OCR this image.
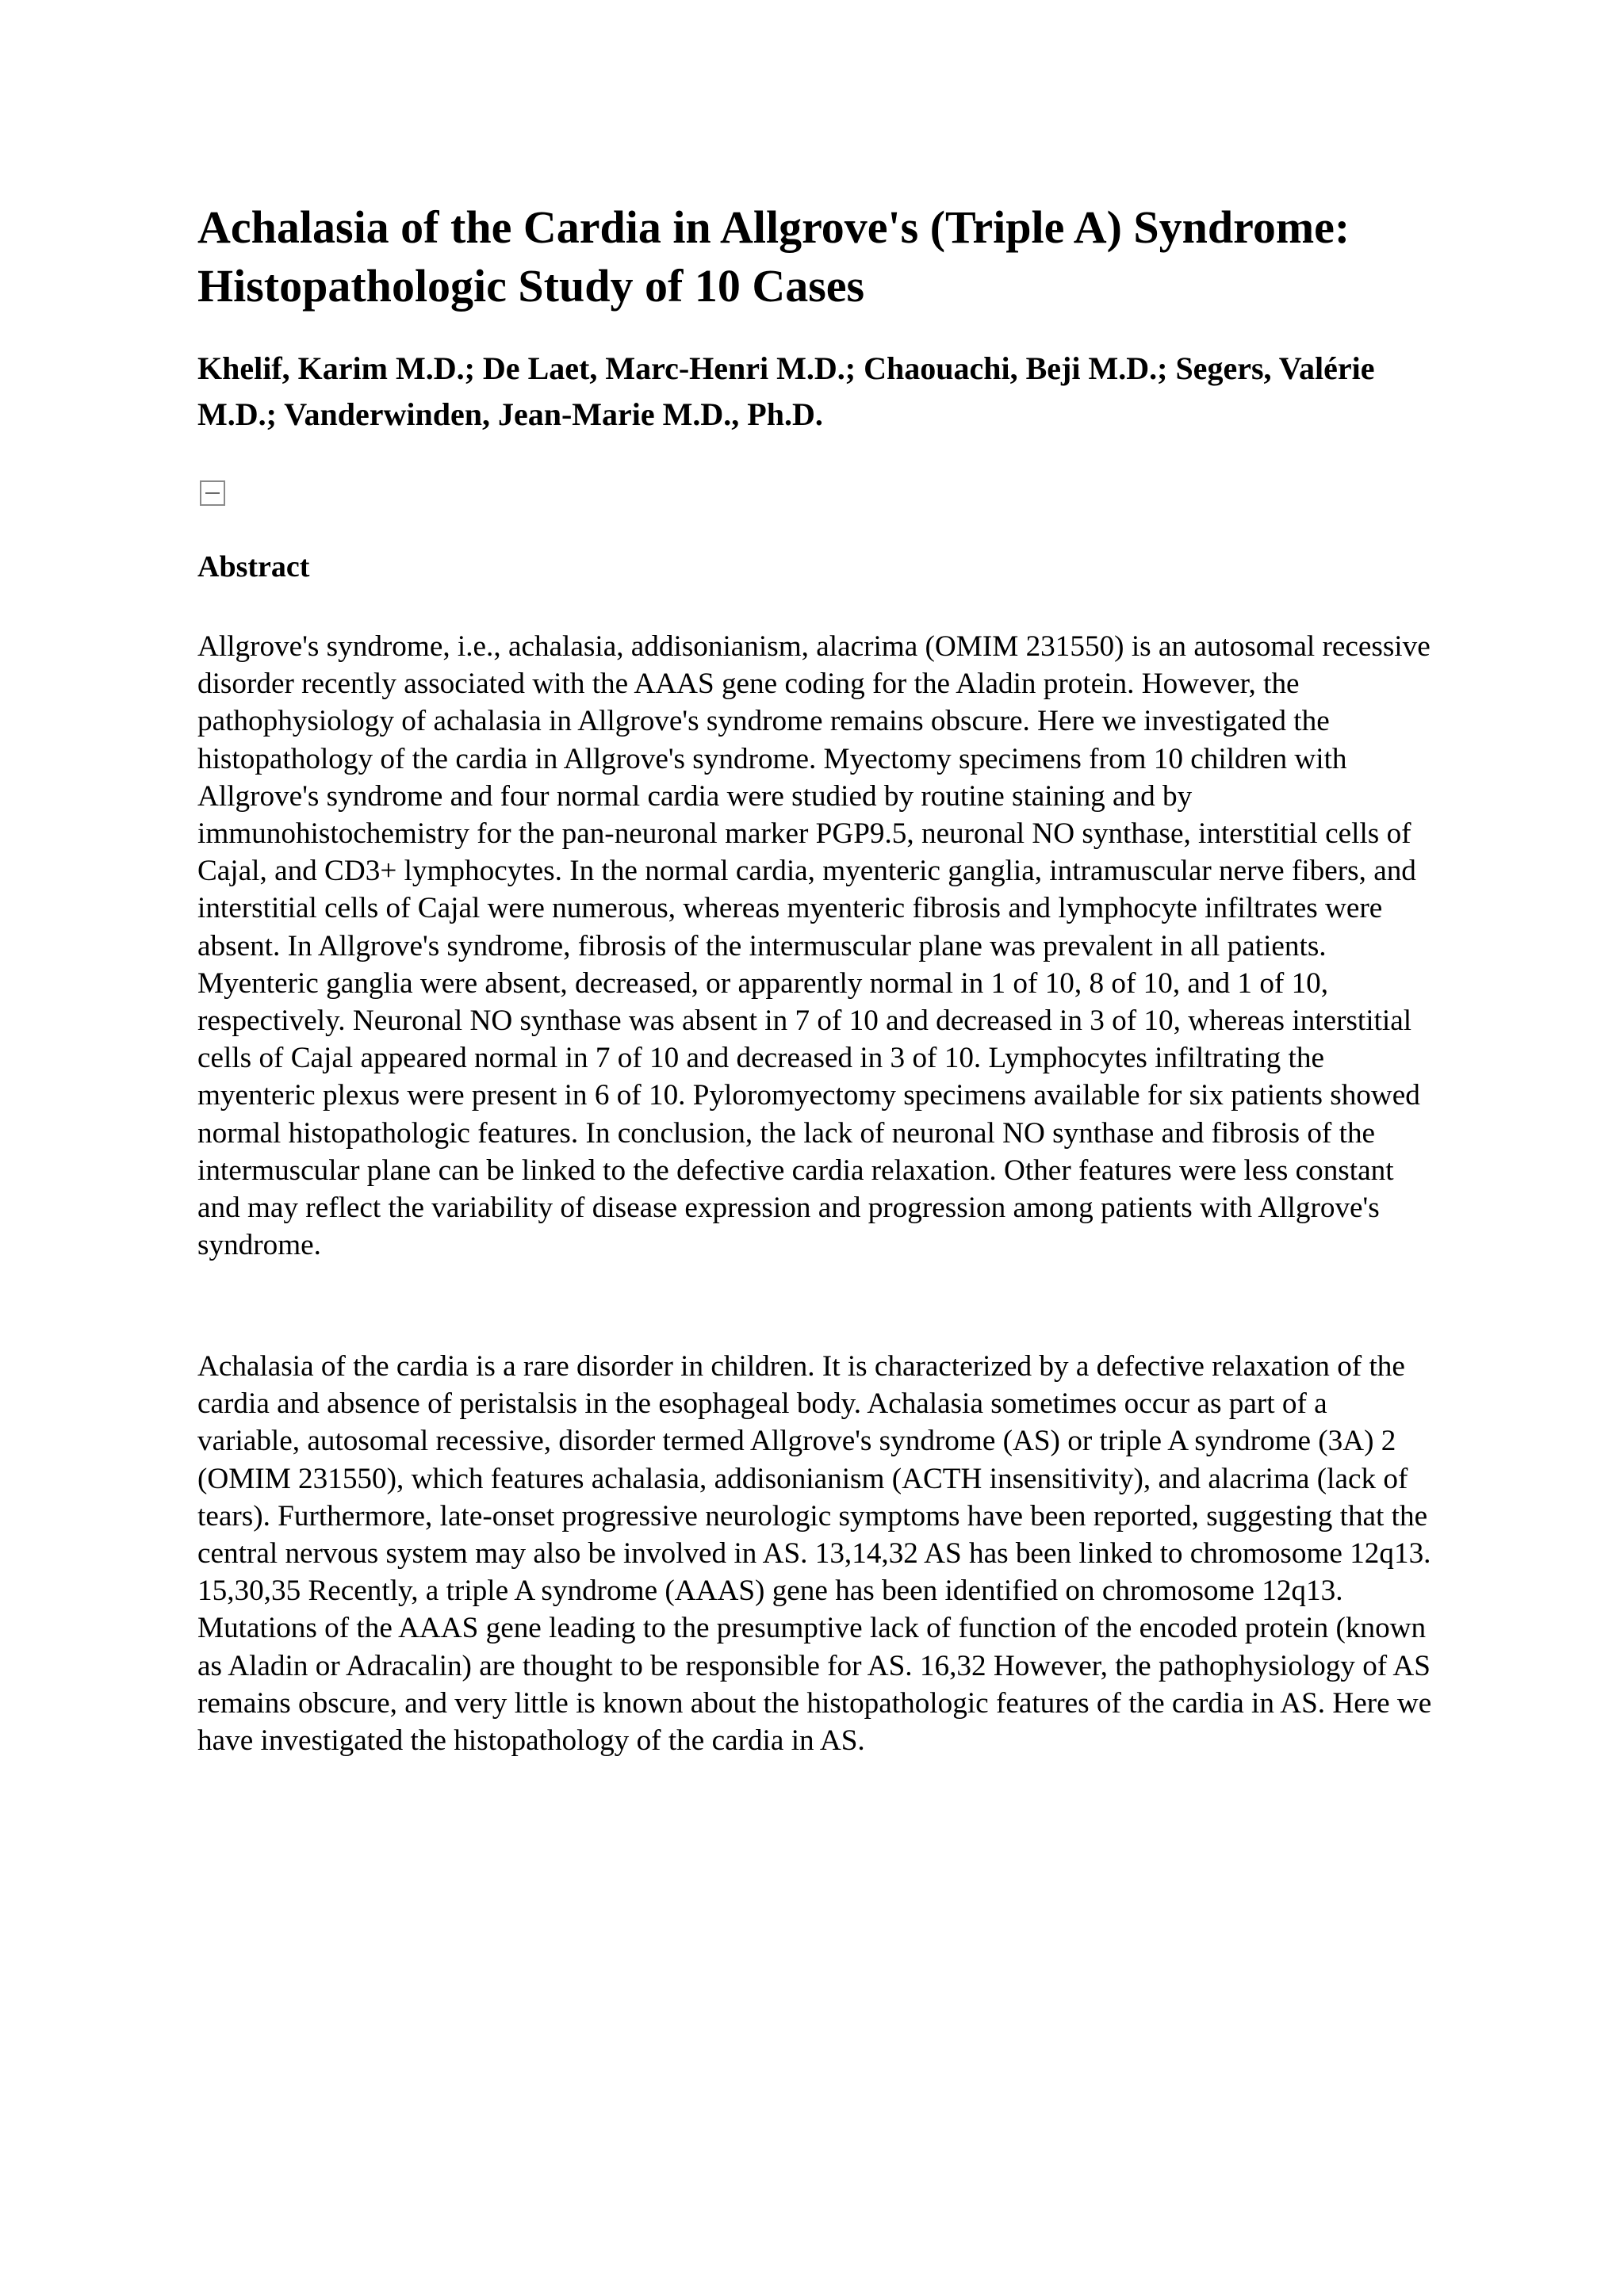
Achalasia of the Cardia in Allgrove's (Triple A) Syndrome: Histopathologic Study of 10 Cases

Khelif, Karim M.D.; De Laet, Marc-Henri M.D.; Chaouachi, Beji M.D.; Segers, Valérie M.D.; Vanderwinden, Jean-Marie M.D., Ph.D.

Abstract

Allgrove's syndrome, i.e., achalasia, addisonianism, alacrima (OMIM 231550) is an autosomal recessive disorder recently associated with the AAAS gene coding for the Aladin protein. However, the pathophysiology of achalasia in Allgrove's syndrome remains obscure. Here we investigated the histopathology of the cardia in Allgrove's syndrome. Myectomy specimens from 10 children with Allgrove's syndrome and four normal cardia were studied by routine staining and by immunohistochemistry for the pan-neuronal marker PGP9.5, neuronal NO synthase, interstitial cells of Cajal, and CD3+ lymphocytes. In the normal cardia, myenteric ganglia, intramuscular nerve fibers, and interstitial cells of Cajal were numerous, whereas myenteric fibrosis and lymphocyte infiltrates were absent. In Allgrove's syndrome, fibrosis of the intermuscular plane was prevalent in all patients. Myenteric ganglia were absent, decreased, or apparently normal in 1 of 10, 8 of 10, and 1 of 10, respectively. Neuronal NO synthase was absent in 7 of 10 and decreased in 3 of 10, whereas interstitial cells of Cajal appeared normal in 7 of 10 and decreased in 3 of 10. Lymphocytes infiltrating the myenteric plexus were present in 6 of 10. Pyloromyectomy specimens available for six patients showed normal histopathologic features. In conclusion, the lack of neuronal NO synthase and fibrosis of the intermuscular plane can be linked to the defective cardia relaxation. Other features were less constant and may reflect the variability of disease expression and progression among patients with Allgrove's syndrome.

Achalasia of the cardia is a rare disorder in children. It is characterized by a defective relaxation of the cardia and absence of peristalsis in the esophageal body. Achalasia sometimes occur as part of a variable, autosomal recessive, disorder termed Allgrove's syndrome (AS) or triple A syndrome (3A) 2 (OMIM 231550), which features achalasia, addisonianism (ACTH insensitivity), and alacrima (lack of tears). Furthermore, late-onset progressive neurologic symptoms have been reported, suggesting that the central nervous system may also be involved in AS. 13,14,32 AS has been linked to chromosome 12q13. 15,30,35 Recently, a triple A syndrome (AAAS) gene has been identified on chromosome 12q13. Mutations of the AAAS gene leading to the presumptive lack of function of the encoded protein (known as Aladin or Adracalin) are thought to be responsible for AS. 16,32 However, the pathophysiology of AS remains obscure, and very little is known about the histopathologic features of the cardia in AS. Here we have investigated the histopathology of the cardia in AS.
